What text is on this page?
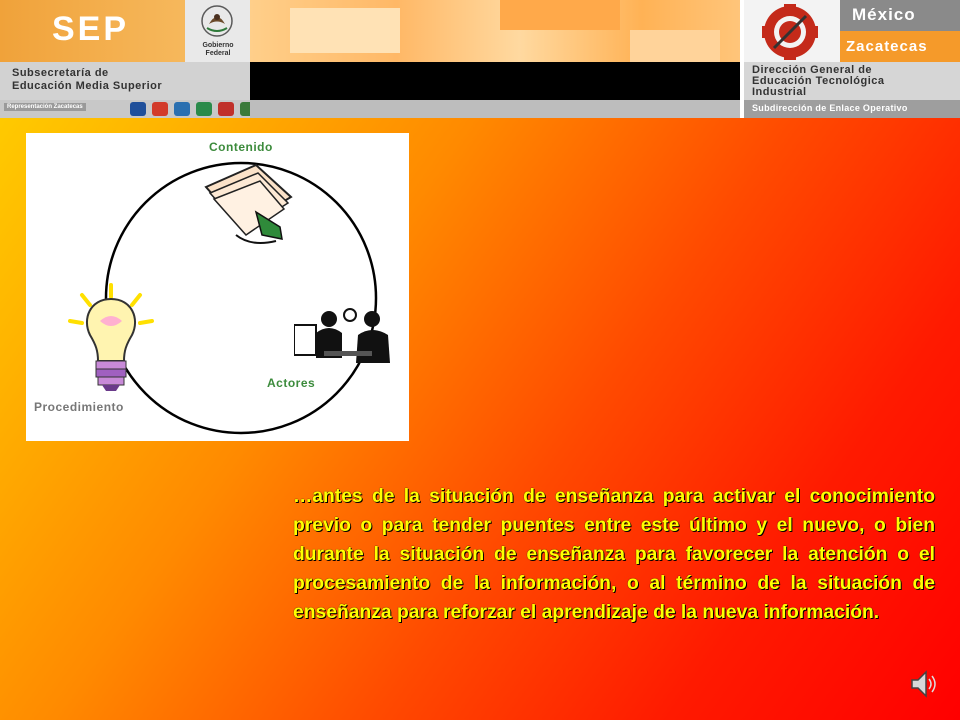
SEP	Gobierno
Federal
Subsecretaría de
Educación Media Superior
Representación Zacatecas
México
Zacatecas
Dirección General de
Educación Tecnológica
Industrial
Subdirección de Enlace Operativo
Contenido
Actores
Procedimiento
…antes de la situación de enseñanza para activar el conocimiento previo o para tender puentes entre este último y el nuevo, o bien durante la situación de enseñanza para favorecer la atención o el procesamiento de la información, o al término de la situación de enseñanza para reforzar el aprendizaje de la nueva información.
